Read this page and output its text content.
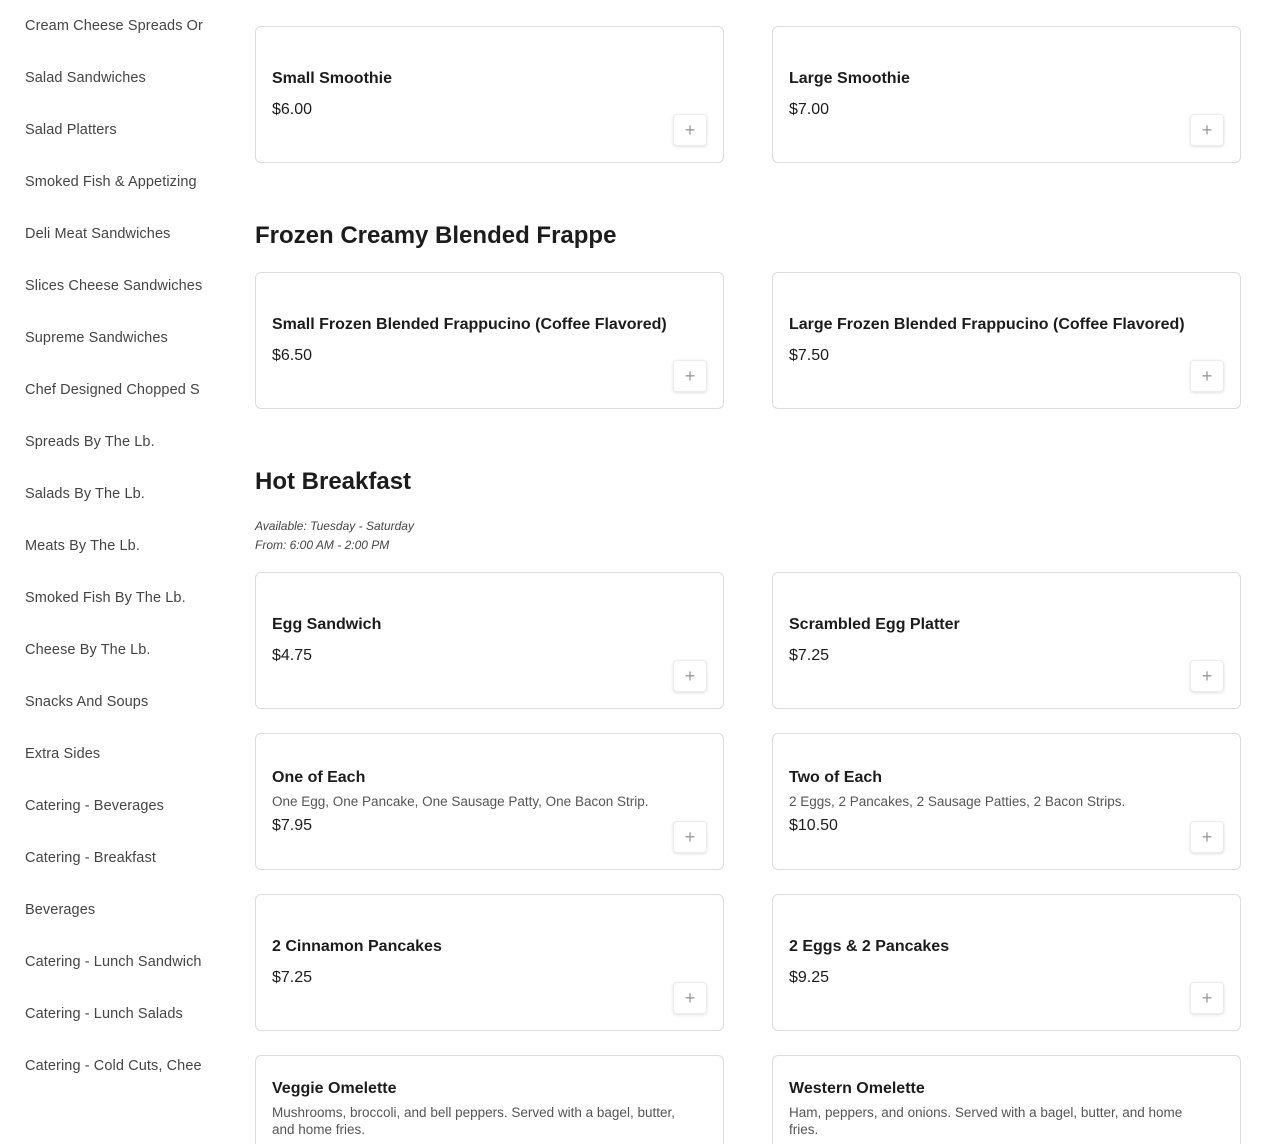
Cream Cheese Spreads Or
Salad Sandwiches
Salad Platters
Smoked Fish & Appetizing
Deli Meat Sandwiches
Slices Cheese Sandwiches
Supreme Sandwiches
Chef Designed Chopped S
Spreads By The Lb.
Salads By The Lb.
Meats By The Lb.
Smoked Fish By The Lb.
Cheese By The Lb.
Snacks And Soups
Extra Sides
Catering - Beverages
Catering - Breakfast
Beverages
Catering - Lunch Sandwich
Catering - Lunch Salads
Catering - Cold Cuts, Chee
Small Smoothie
$6.00
+
Large Smoothie
$7.00
+
Frozen Creamy Blended Frappe
Small Frozen Blended Frappucino (Coffee Flavored)
$6.50
+
Large Frozen Blended Frappucino (Coffee Flavored)
$7.50
+
Hot Breakfast
Available: Tuesday - Saturday
From: 6:00 AM - 2:00 PM
Egg Sandwich
$4.75
+
Scrambled Egg Platter
$7.25
+
One of Each
One Egg, One Pancake, One Sausage Patty, One Bacon Strip.
$7.95
+
Two of Each
2 Eggs, 2 Pancakes, 2 Sausage Patties, 2 Bacon Strips.
$10.50
+
2 Cinnamon Pancakes
$7.25
+
2 Eggs & 2 Pancakes
$9.25
+
Veggie Omelette
Mushrooms, broccoli, and bell peppers. Served with a bagel, butter, and home fries.
Western Omelette
Ham, peppers, and onions. Served with a bagel, butter, and home fries.
